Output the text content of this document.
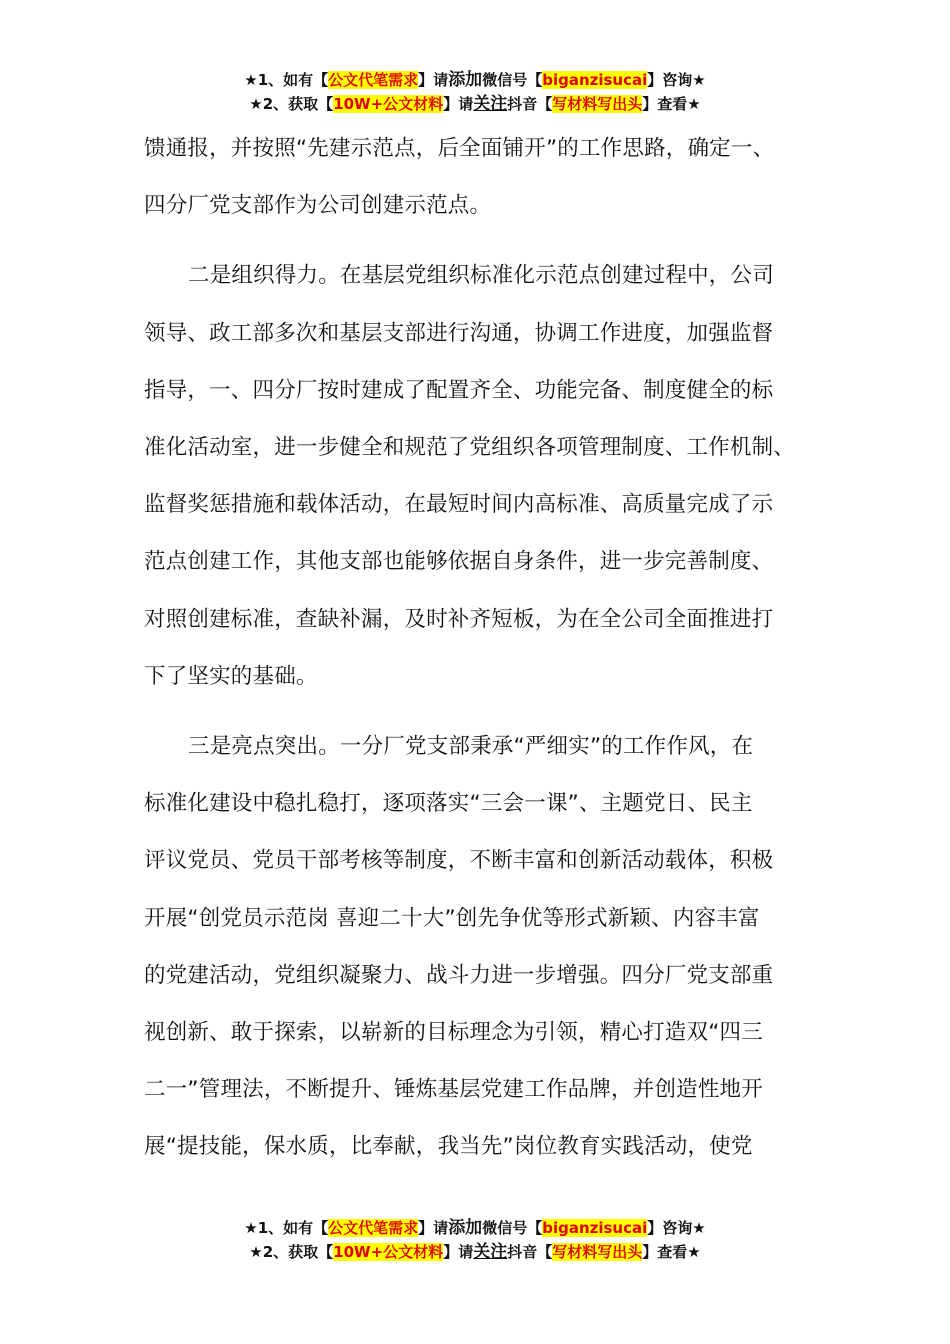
★1、如有【公文代笔需求】请添加微信号【biganzisucai】咨询★
★2、获取【10W+公文材料】请关注抖音【写材料写出头】查看★

馈通报，并按照“先建示范点，后全面铺开”的工作思路，确定一、
四分厂党支部作为公司创建示范点。

二是组织得力。在基层党组织标准化示范点创建过程中，公司
领导、政工部多次和基层支部进行沟通，协调工作进度，加强监督
指导，一、四分厂按时建成了配置齐全、功能完备、制度健全的标
准化活动室，进一步健全和规范了党组织各项管理制度、工作机制、
监督奖惩措施和载体活动，在最短时间内高标准、高质量完成了示
范点创建工作，其他支部也能够依据自身条件，进一步完善制度、
对照创建标准，查缺补漏，及时补齐短板，为在全公司全面推进打
下了坚实的基础。

三是亮点突出。一分厂党支部秉承“严细实”的工作作风，在
标准化建设中稳扎稳打，逐项落实“三会一课”、主题党日、民主
评议党员、党员干部考核等制度，不断丰富和创新活动载体，积极
开展“创党员示范岗 喜迎二十大”创先争优等形式新颖、内容丰富
的党建活动，党组织凝聚力、战斗力进一步增强。四分厂党支部重
视创新、敢于探索，以崭新的目标理念为引领，精心打造双“四三
二一”管理法，不断提升、锤炼基层党建工作品牌，并创造性地开
展“提技能，保水质，比奉献，我当先”岗位教育实践活动，使党

★1、如有【公文代笔需求】请添加微信号【biganzisucai】咨询★
★2、获取【10W+公文材料】请关注抖音【写材料写出头】查看★
